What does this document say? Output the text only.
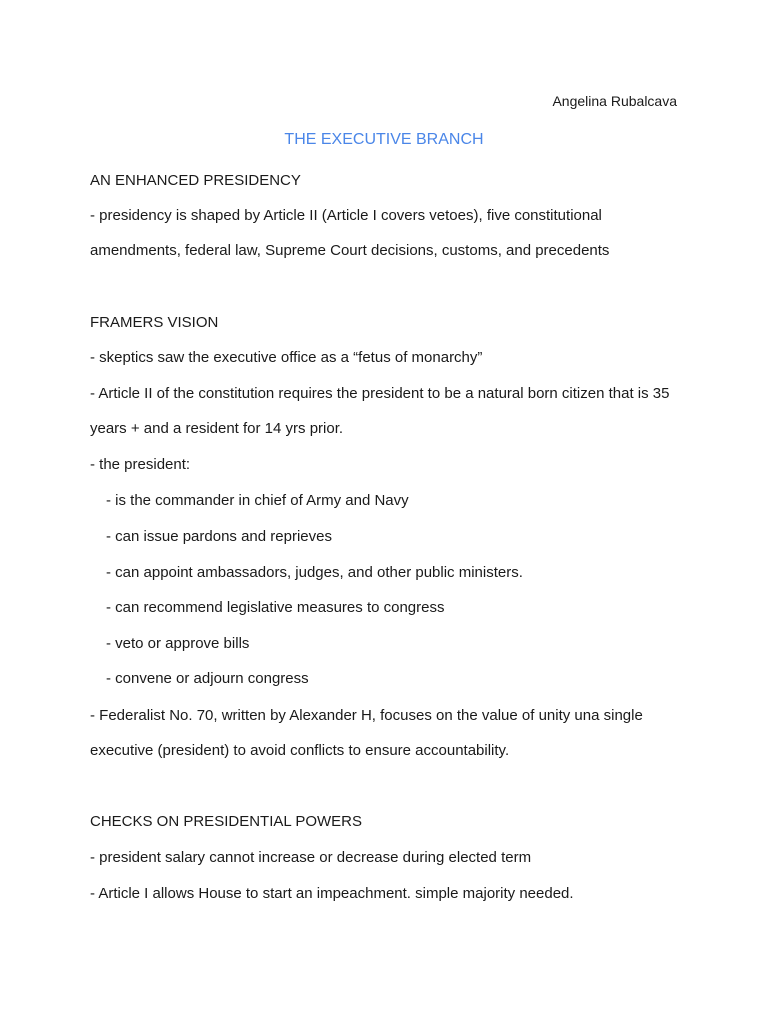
Angelina Rubalcava
THE EXECUTIVE BRANCH
AN ENHANCED PRESIDENCY
- presidency is shaped by Article II (Article I covers vetoes), five constitutional
amendments, federal law, Supreme Court decisions, customs, and precedents
FRAMERS VISION
- skeptics saw the executive office as a “fetus of monarchy”
- Article II of the constitution requires the president to be a natural born citizen that is 35
years + and a resident for 14 yrs prior.
- the president:
- is the commander in chief of Army and Navy
- can issue pardons and reprieves
- can appoint ambassadors, judges, and other public ministers.
- can recommend legislative measures to congress
- veto or approve bills
- convene or adjourn congress
- Federalist No. 70, written by Alexander H, focuses on the value of unity una single
executive (president) to avoid conflicts to ensure accountability.
CHECKS ON PRESIDENTIAL POWERS
- president salary cannot increase or decrease during elected term
- Article I allows House to start an impeachment. simple majority needed.
